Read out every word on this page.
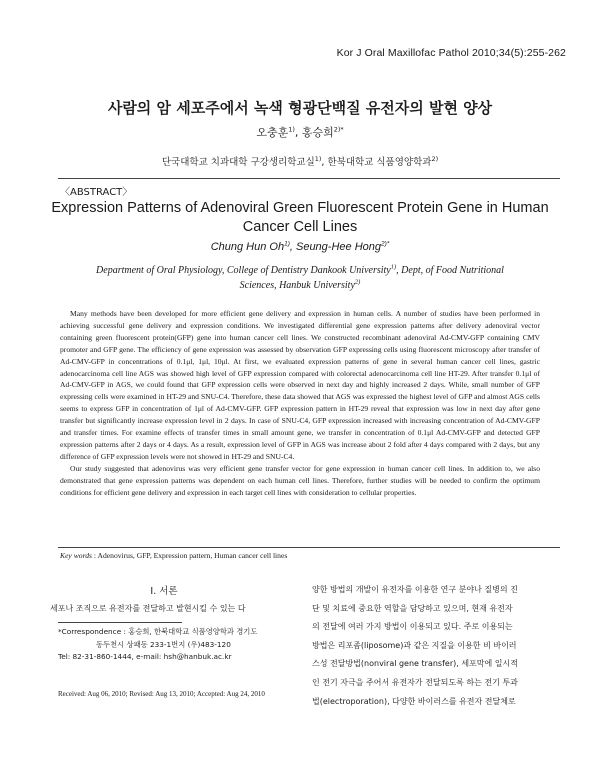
Kor J Oral Maxillofac Pathol 2010;34(5):255-262
사람의 암 세포주에서 녹색 형광단백질 유전자의 발현 양상
오충훈$^{1)}$, 홍승희$^{2)*}$
단국대학교 치과대학 구강생리학교실$^{1)}$, 한북대학교 식품영양학과$^{2)}$
〈ABSTRACT〉
Expression Patterns of Adenoviral Green Fluorescent Protein Gene in Human
Cancer Cell Lines
Chung Hun Oh$^{1)}$, Seung-Hee Hong$^{2)*}$
Department of Oral Physiology, College of Dentistry Dankook University$^{1)}$, Dept, of Food Nutritional
Sciences, Hanbuk University$^{2)}$

Many methods have been developed for more efficient gene delivery and expression in human cells. A number of studies have been performed in achieving successful gene delivery and expression conditions. We investigated differential gene expression patterns after delivery adenoviral vector containing green fluorescent protein(GFP) gene into human cancer cell lines. We constructed recombinant adenoviral Ad-CMV-GFP containing CMV promoter and GFP gene. The efficiency of gene expression was assessed by observation GFP expressing cells using fluorescent microscopy after transfer of Ad-CMV-GFP in concentrations of 0.1μl, 1μl, 10μl. At first, we evaluated expression patterns of gene in several human cancer cell lines, gastric adenocarcinoma cell line AGS was showed high level of GFP expression compared with colorectal adenocarcinoma cell line HT-29. After transfer 0.1μl of Ad-CMV-GFP in AGS, we could found that GFP expression cells were observed in next day and highly increased 2 days. While, small number of GFP expressing cells were examined in HT-29 and SNU-C4. Therefore, these data showed that AGS was expressed the highest level of GFP and almost AGS cells seems to express GFP in concentration of 1μl of Ad-CMV-GFP. GFP expression pattern in HT-29 reveal that expression was low in next day after gene transfer but significantly increase expression level in 2 days. In case of SNU-C4, GFP expression increased with increasing concentration of Ad-CMV-GFP and transfer times. For examine effects of transfer times in small amount gene, we transfer in concentration of 0.1μl Ad-CMV-GFP and detected GFP expression patterns after 2 days or 4 days. As a result, expression level of GFP in AGS was increase about 2 fold after 4 days compared with 2 days, but any difference of GFP expression levels were not showed in HT-29 and SNU-C4.

Our study suggested that adenovirus was very efficient gene transfer vector for gene expression in human cancer cell lines. In addition to, we also demonstrated that gene expression patterns was dependent on each human cell lines. Therefore, further studies will be needed to confirm the optimum conditions for efficient gene delivery and expression in each target cell lines with consideration to cellular properties.

Key words : Adenovirus, GFP, Expression pattern, Human cancer cell lines
I. 서론
세포나 조직으로 유전자를 전달하고 발현시킬 수 있는 다
*Correspondence : 홍승희, 한북대학교 식품영양학과 경기도
동두천시 상패동 233-1번지 (우)483-120
Tel: 82-31-860-1444, e-mail: hsh@hanbuk.ac.kr
Received: Aug 06, 2010; Revised: Aug 13, 2010; Accepted: Aug 24, 2010
양한 방법의 개발이 유전자를 이용한 연구 분야나 질병의 진
단 및 치료에 중요한 역할을 담당하고 있으며, 현재 유전자
의 전달에 여러 가지 방법이 이용되고 있다. 주로 이용되는
방법은 리포좀(liposome)과 같은 지질을 이용한 비 바이러
스성 전달방법(nonviral gene transfer), 세포막에 일시적
인 전기 자극을 주어서 유전자가 전달되도록 하는 전기 투과
법(electroporation), 다양한 바이러스를 유전자 전달체로
